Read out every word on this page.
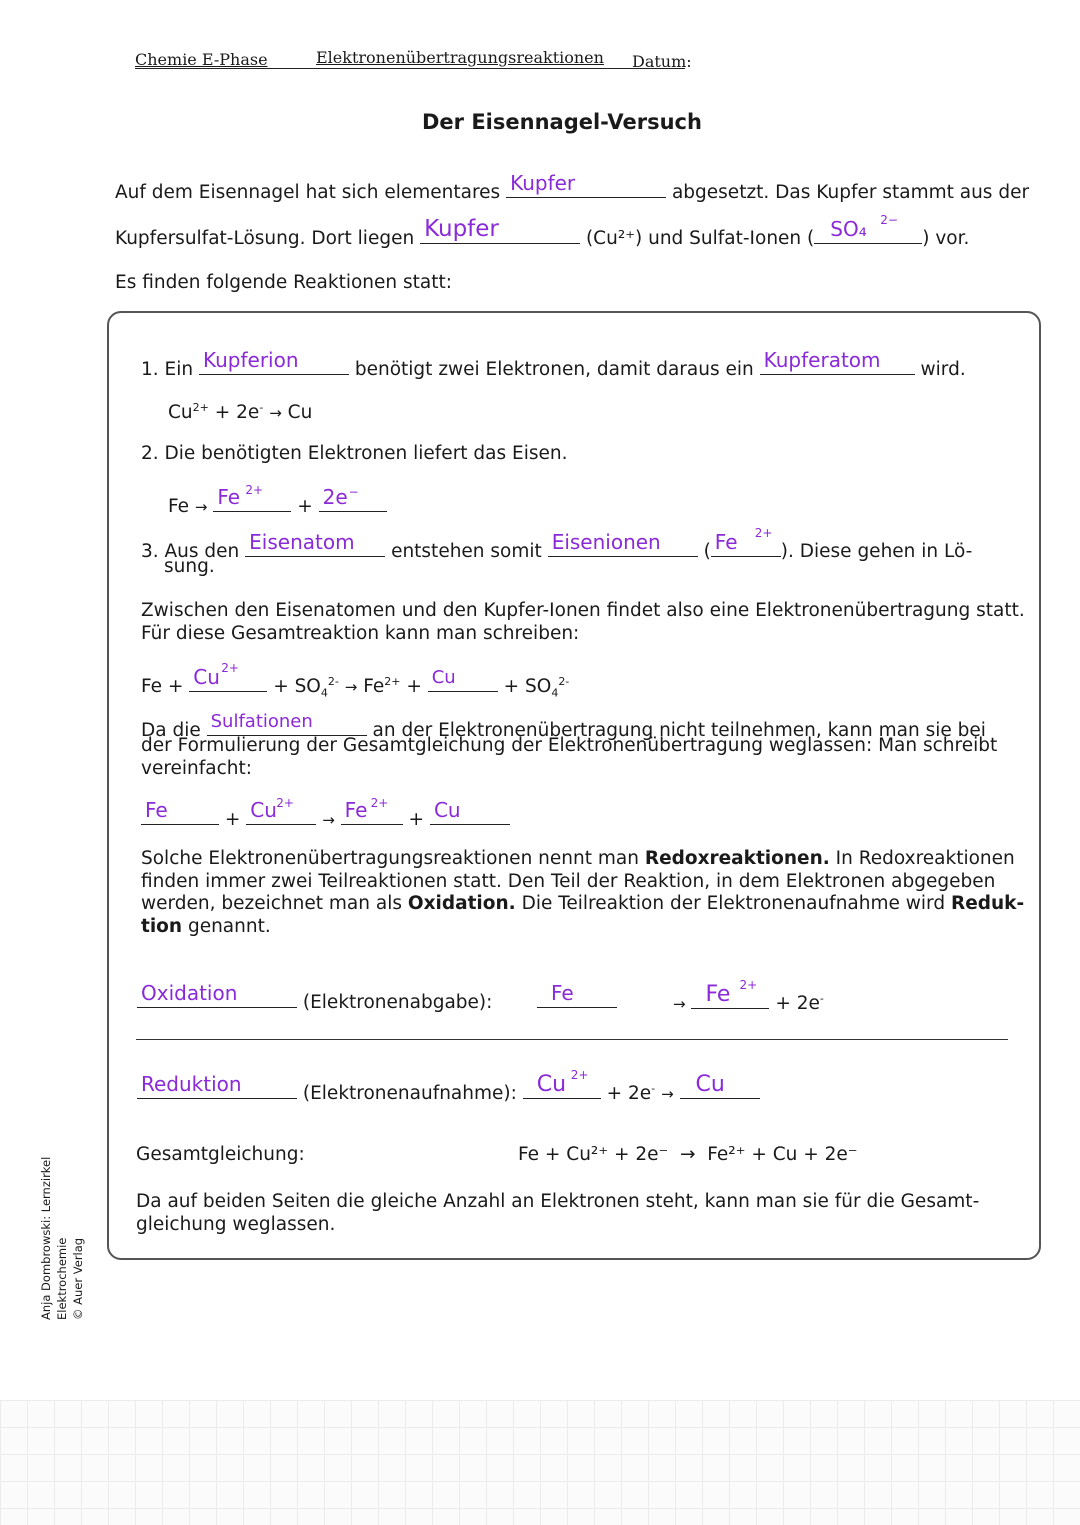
Chemie E-Phase	Elektronenübertragungsreaktionen Datum:
Der Eisennagel-Versuch
Auf dem Eisennagel hat sich elementares Kupfer	abgesetzt. Das Kupfer stammt aus der
Kupfersulfat-Lösung. Dort liegen Kupfer	(Cu²⁺) und Sulfat-Ionen ( SO₄ 2−
) vor.
Es finden folgende Reaktionen statt:
1. Ein Kupferion	benötigt zwei Elektronen, damit daraus ein Kupferatom wird.
$Cu^{2+} + 2e^- \to Cu$
2. Die benötigten Elektronen liefert das Eisen.
Fe → Fe 2+
+ 2e −
3. Aus den Eisenatom entstehen somit Eisenionen ( Fe 2+
). Diese gehen in Lö-
sung.
Zwischen den Eisenatomen und den Kupfer-Ionen findet also eine Elektronenübertragung statt.
Für diese Gesamtreaktion kann man schreiben:
Fe + Cu 2+
+ $SO_4^{2-} \to Fe^{2+} + Cu$	+ $SO_4^{2-}$
Da die Sulfationen	an der Elektronenübertragung nicht teilnehmen, kann man sie bei
der Formulierung der Gesamtgleichung der Elektronenübertragung weglassen: Man schreibt
vereinfacht:
Fe	+ Cu 2+
→ Fe 2+
+ Cu
Solche Elektronenübertragungsreaktionen nennt man Redoxreaktionen. In Redoxreaktionen
finden immer zwei Teilreaktionen statt. Den Teil der Reaktion, in dem Elektronen abgegeben
werden, bezeichnet man als Oxidation. Die Teilreaktion der Elektronenaufnahme wird Reduk-
tion genannt.
Oxidation	(Elektronenabgabe):	Fe	→ Fe 2+
+ 2e-
Reduktion	(Elektronenaufnahme): Cu 2+
+ 2e- → Cu
Gesamtgleichung:	Fe + Cu²⁺ + 2e⁻  →  Fe²⁺ + Cu + 2e⁻
Da auf beiden Seiten die gleiche Anzahl an Elektronen steht, kann man sie für die Gesamt-
gleichung weglassen.
Anja Dombrowski: Lernzirkel Elektrochemie © Auer Verlag
